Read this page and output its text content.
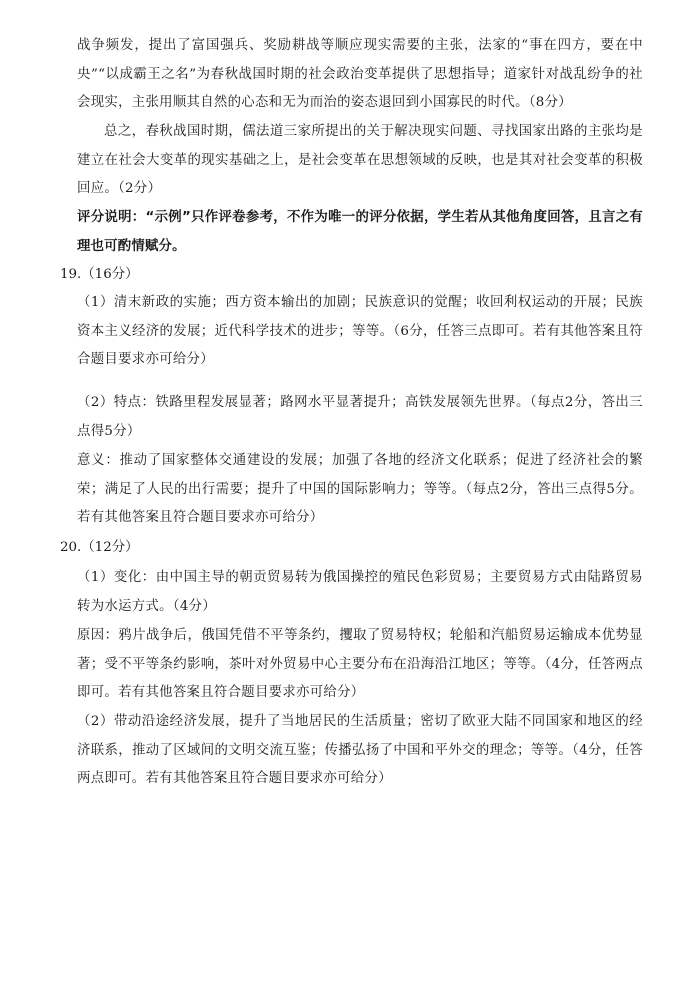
战争频发，提出了富国强兵、奖励耕战等顺应现实需要的主张，法家的“事在四方，要在中央”“以成霸王之名”为春秋战国时期的社会政治变革提供了思想指导；道家针对战乱纷争的社会现实，主张用顺其自然的心态和无为而治的姿态退回到小国寡民的时代。（8分）

总之，春秋战国时期，儒法道三家所提出的关于解决现实问题、寻找国家出路的主张均是建立在社会大变革的现实基础之上，是社会变革在思想领域的反映，也是其对社会变革的积极回应。（2分）

评分说明：“示例”只作评卷参考，不作为唯一的评分依据，学生若从其他角度回答，且言之有理也可酌情赋分。

19.（16分）

（1）清末新政的实施；西方资本输出的加剧；民族意识的觉醒；收回利权运动的开展；民族资本主义经济的发展；近代科学技术的进步；等等。（6分，任答三点即可。若有其他答案且符合题目要求亦可给分）

（2）特点：铁路里程发展显著；路网水平显著提升；高铁发展领先世界。（每点2分，答出三点得5分）

意义：推动了国家整体交通建设的发展；加强了各地的经济文化联系；促进了经济社会的繁荣；满足了人民的出行需要；提升了中国的国际影响力；等等。（每点2分，答出三点得5分。若有其他答案且符合题目要求亦可给分）

20.（12分）

（1）变化：由中国主导的朝贡贸易转为俄国操控的殖民色彩贸易；主要贸易方式由陆路贸易转为水运方式。（4分）

原因：鸦片战争后，俄国凭借不平等条约，攫取了贸易特权；轮船和汽船贸易运输成本优势显著；受不平等条约影响，茶叶对外贸易中心主要分布在沿海沿江地区；等等。（4分，任答两点即可。若有其他答案且符合题目要求亦可给分）

（2）带动沿途经济发展，提升了当地居民的生活质量；密切了欧亚大陆不同国家和地区的经济联系，推动了区域间的文明交流互鉴；传播弘扬了中国和平外交的理念；等等。（4分，任答两点即可。若有其他答案且符合题目要求亦可给分）
